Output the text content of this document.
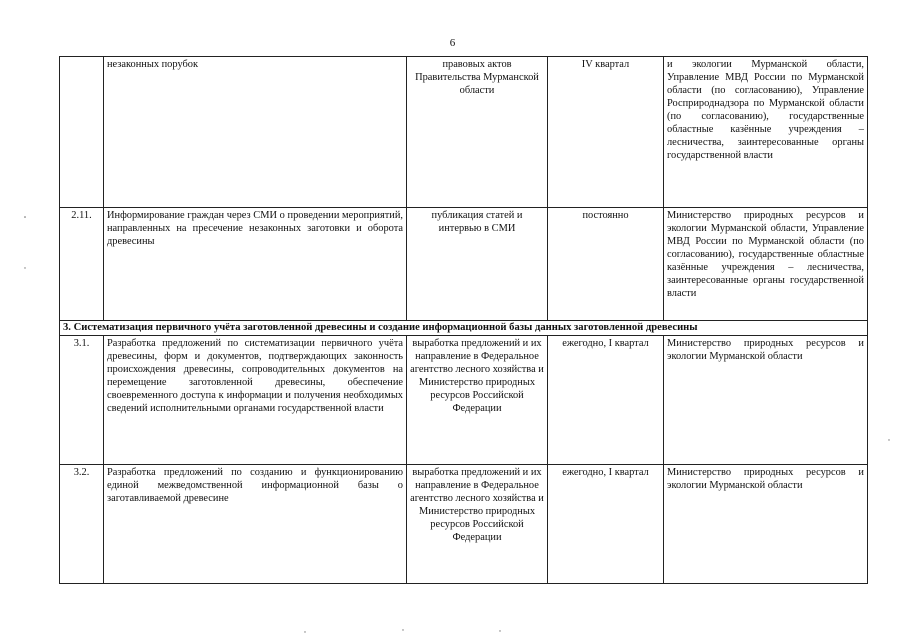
6
	незаконных порубок	правовых актов Правительства Мурманской области	IV квартал	и экологии Мурманской области, Управление МВД России по Мурманской области (по согласованию), Управление Росприроднадзора по Мурманской области (по согласованию), государственные областные казённые учреждения – лесничества, заинтересованные органы государственной власти
2.11.	Информирование граждан через СМИ о проведении мероприятий, направленных на пресечение незаконных заготовки и оборота древесины	публикация статей и интервью в СМИ	постоянно	Министерство природных ресурсов и экологии Мурманской области, Управление МВД России по Мурманской области (по согласованию), государственные областные казённые учреждения – лесничества, заинтересованные органы государственной власти
3. Систематизация первичного учёта заготовленной древесины и создание информационной базы данных заготовленной древесины				
3.1.	Разработка предложений по систематизации первичного учёта древесины, форм и документов, подтверждающих законность происхождения древесины, сопроводительных документов на перемещение заготовленной древесины, обеспечение своевременного доступа к информации и получения необходимых сведений исполнительными органами государственной власти	выработка предложений и их направление в Федеральное агентство лесного хозяйства и Министерство природных ресурсов Российской Федерации	ежегодно, I квартал	Министерство природных ресурсов и экологии Мурманской области
3.2.	Разработка предложений по созданию и функционированию единой межведомственной информационной базы о заготавливаемой древесине	выработка предложений и их направление в Федеральное агентство лесного хозяйства и Министерство природных ресурсов Российской Федерации	ежегодно, I квартал	Министерство природных ресурсов и экологии Мурманской области
